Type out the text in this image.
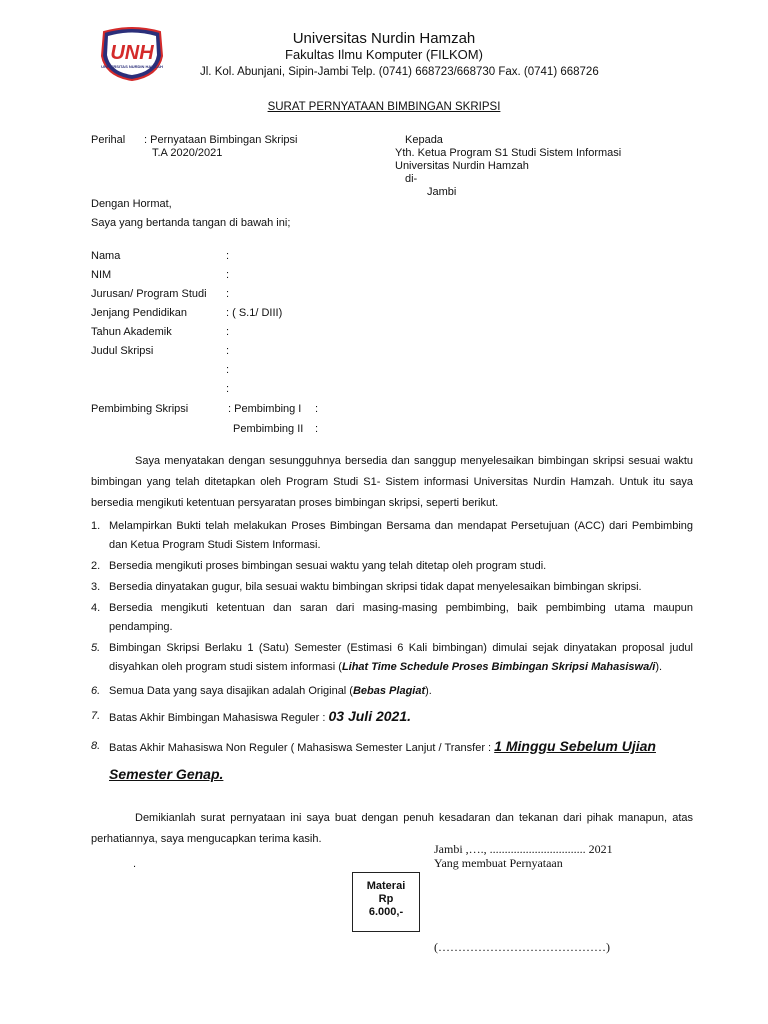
UNH
UNIVERSITAS NURDIN HAMZAH
Universitas Nurdin Hamzah
Fakultas Ilmu Komputer (FILKOM)
Jl. Kol. Abunjani, Sipin-Jambi Telp. (0741) 668723/668730 Fax. (0741) 668726
SURAT PERNYATAAN BIMBINGAN SKRIPSI
Perihal : Pernyataan Bimbingan Skripsi
T.A 2020/2021
Kepada
Yth. Ketua Program S1 Studi Sistem Informasi
Universitas Nurdin Hamzah
di-
Jambi
Dengan Hormat,
Saya yang bertanda tangan di bawah ini;
Nama	:
NIM	:
Jurusan/ Program Studi :
Jenjang Pendidikan	: ( S.1/ DIII)
Tahun Akademik	:
Judul Skripsi	:
:
:
Pembimbing Skripsi	: Pembimbing I :
Pembimbing II :
Saya menyatakan dengan sesungguhnya bersedia dan sanggup menyelesaikan bimbingan skripsi sesuai waktu bimbingan yang telah ditetapkan oleh Program Studi S1- Sistem informasi Universitas Nurdin Hamzah. Untuk itu saya bersedia mengikuti ketentuan persyaratan proses bimbingan skripsi, seperti berikut.
1. Melampirkan Bukti telah melakukan Proses Bimbingan Bersama dan mendapat Persetujuan (ACC) dari Pembimbing dan Ketua Program Studi Sistem Informasi.
2. Bersedia mengikuti proses bimbingan sesuai waktu yang telah ditetap oleh program studi.
3. Bersedia dinyatakan gugur, bila sesuai waktu bimbingan skripsi tidak dapat menyelesaikan bimbingan skripsi.
4. Bersedia mengikuti ketentuan dan saran dari masing-masing pembimbing, baik pembimbing utama maupun pendamping.
5. Bimbingan Skripsi Berlaku 1 (Satu) Semester (Estimasi 6 Kali bimbingan) dimulai sejak dinyatakan proposal judul disyahkan oleh program studi sistem informasi (Lihat Time Schedule Proses Bimbingan Skripsi Mahasiswa/i).
6. Semua Data yang saya disajikan adalah Original (Bebas Plagiat).
7. Batas Akhir Bimbingan Mahasiswa Reguler : 03 Juli 2021.
8. Batas Akhir Mahasiswa Non Reguler ( Mahasiswa Semester Lanjut / Transfer : 1 Minggu Sebelum Ujian Semester Genap.
Demikianlah surat pernyataan ini saya buat dengan penuh kesadaran dan tekanan dari pihak manapun, atas perhatiannya, saya mengucapkan terima kasih.
.
Jambi ,…., ................................ 2021
Yang membuat Pernyataan
Materai
Rp
6.000,-
(……………………………………)
